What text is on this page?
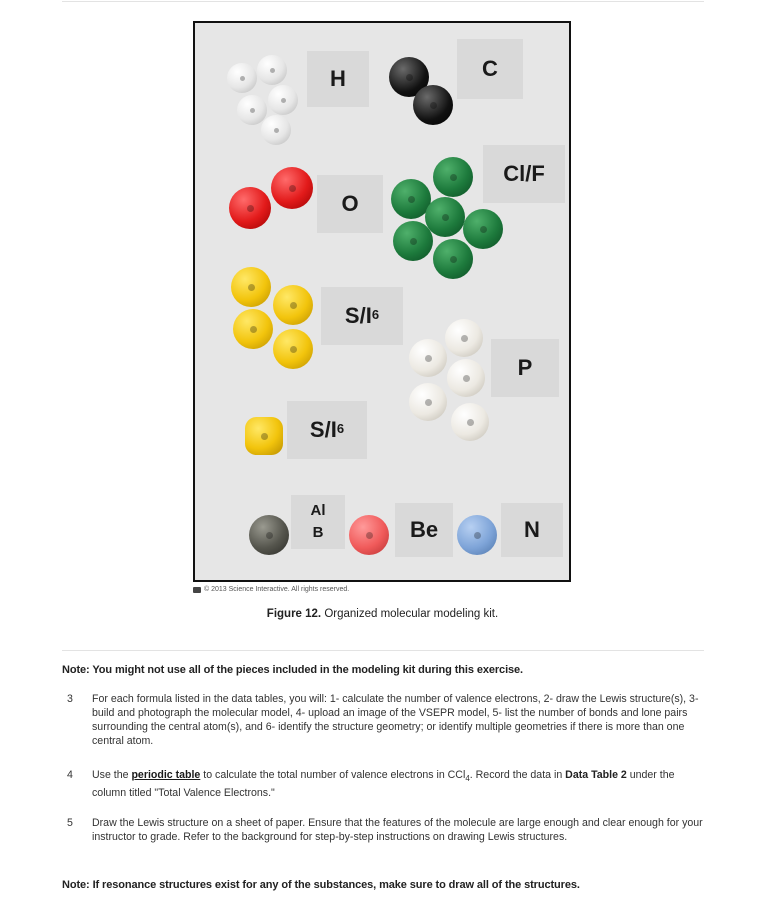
H	C
O
Cl/F
$S/I^6$
P
$S/I^6$
Al
B	Be	N
© 2013 Science Interactive. All rights reserved.
Figure 12. Organized molecular modeling kit.
Note: You might not use all of the pieces included in the modeling kit during this exercise.
3	For each formula listed in the data tables, you will: 1- calculate the number of valence electrons, 2- draw the Lewis structure(s), 3- build and photograph the molecular model, 4- upload an image of the VSEPR model, 5- list the number of bonds and lone pairs surrounding the central atom(s), and 6- identify the structure geometry; or identify multiple geometries if there is more than one central atom.
4	Use the periodic table to calculate the total number of valence electrons in CCl$_4$. Record the data in Data Table 2 under the column titled "Total Valence Electrons."
5	Draw the Lewis structure on a sheet of paper. Ensure that the features of the molecule are large enough and clear enough for your instructor to grade. Refer to the background for step-by-step instructions on drawing Lewis structures.
Note: If resonance structures exist for any of the substances, make sure to draw all of the structures.
